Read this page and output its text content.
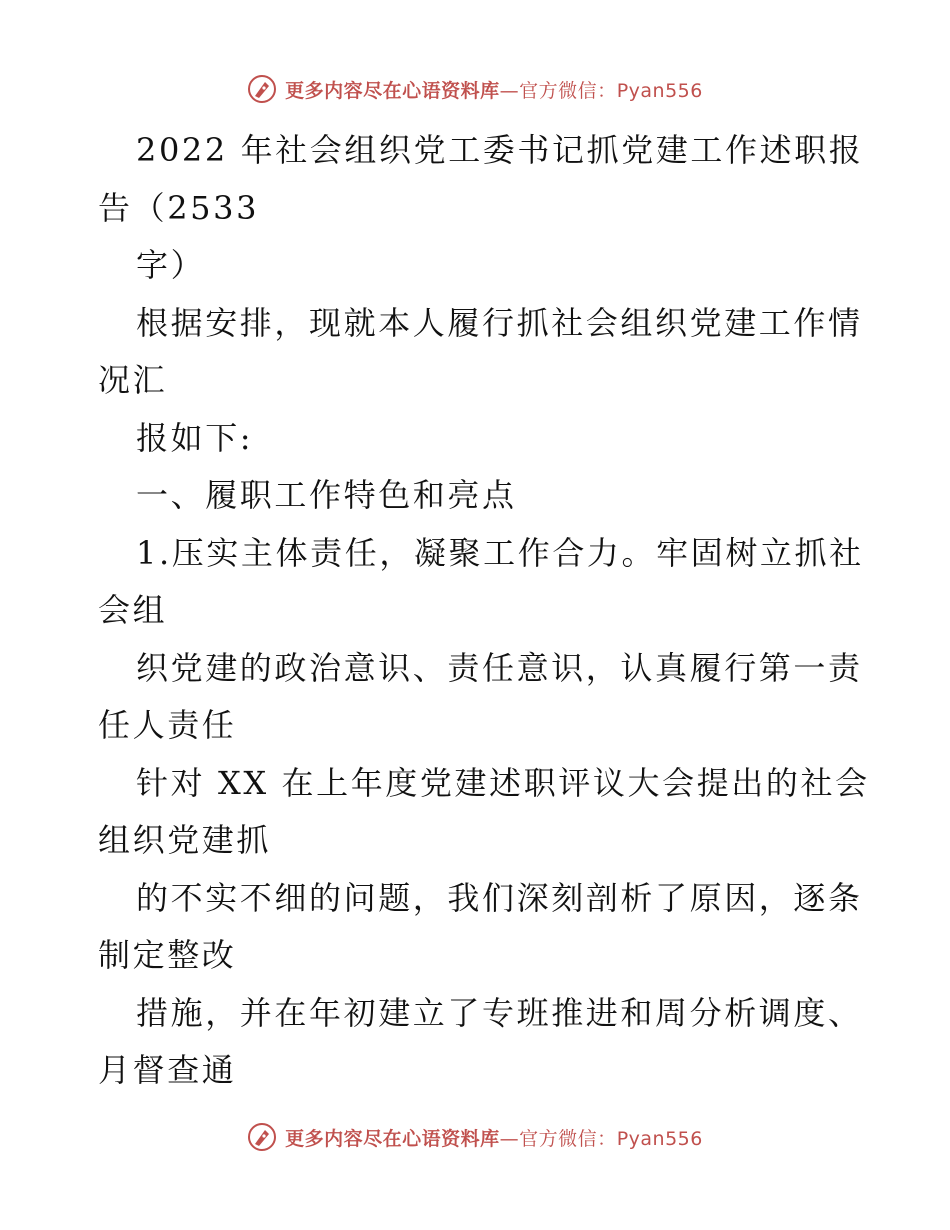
更多内容尽在心语资料库—官方微信：Pyan556
2022 年社会组织党工委书记抓党建工作述职报
告（2533
字）
根据安排，现就本人履行抓社会组织党建工作情
况汇
报如下:
一、履职工作特色和亮点
1.压实主体责任，凝聚工作合力。牢固树立抓社
会组
织党建的政治意识、责任意识，认真履行第一责
任人责任
针对 XX 在上年度党建述职评议大会提出的社会
组织党建抓
的不实不细的问题，我们深刻剖析了原因，逐条
制定整改
措施，并在年初建立了专班推进和周分析调度、
月督查通
更多内容尽在心语资料库—官方微信：Pyan556
